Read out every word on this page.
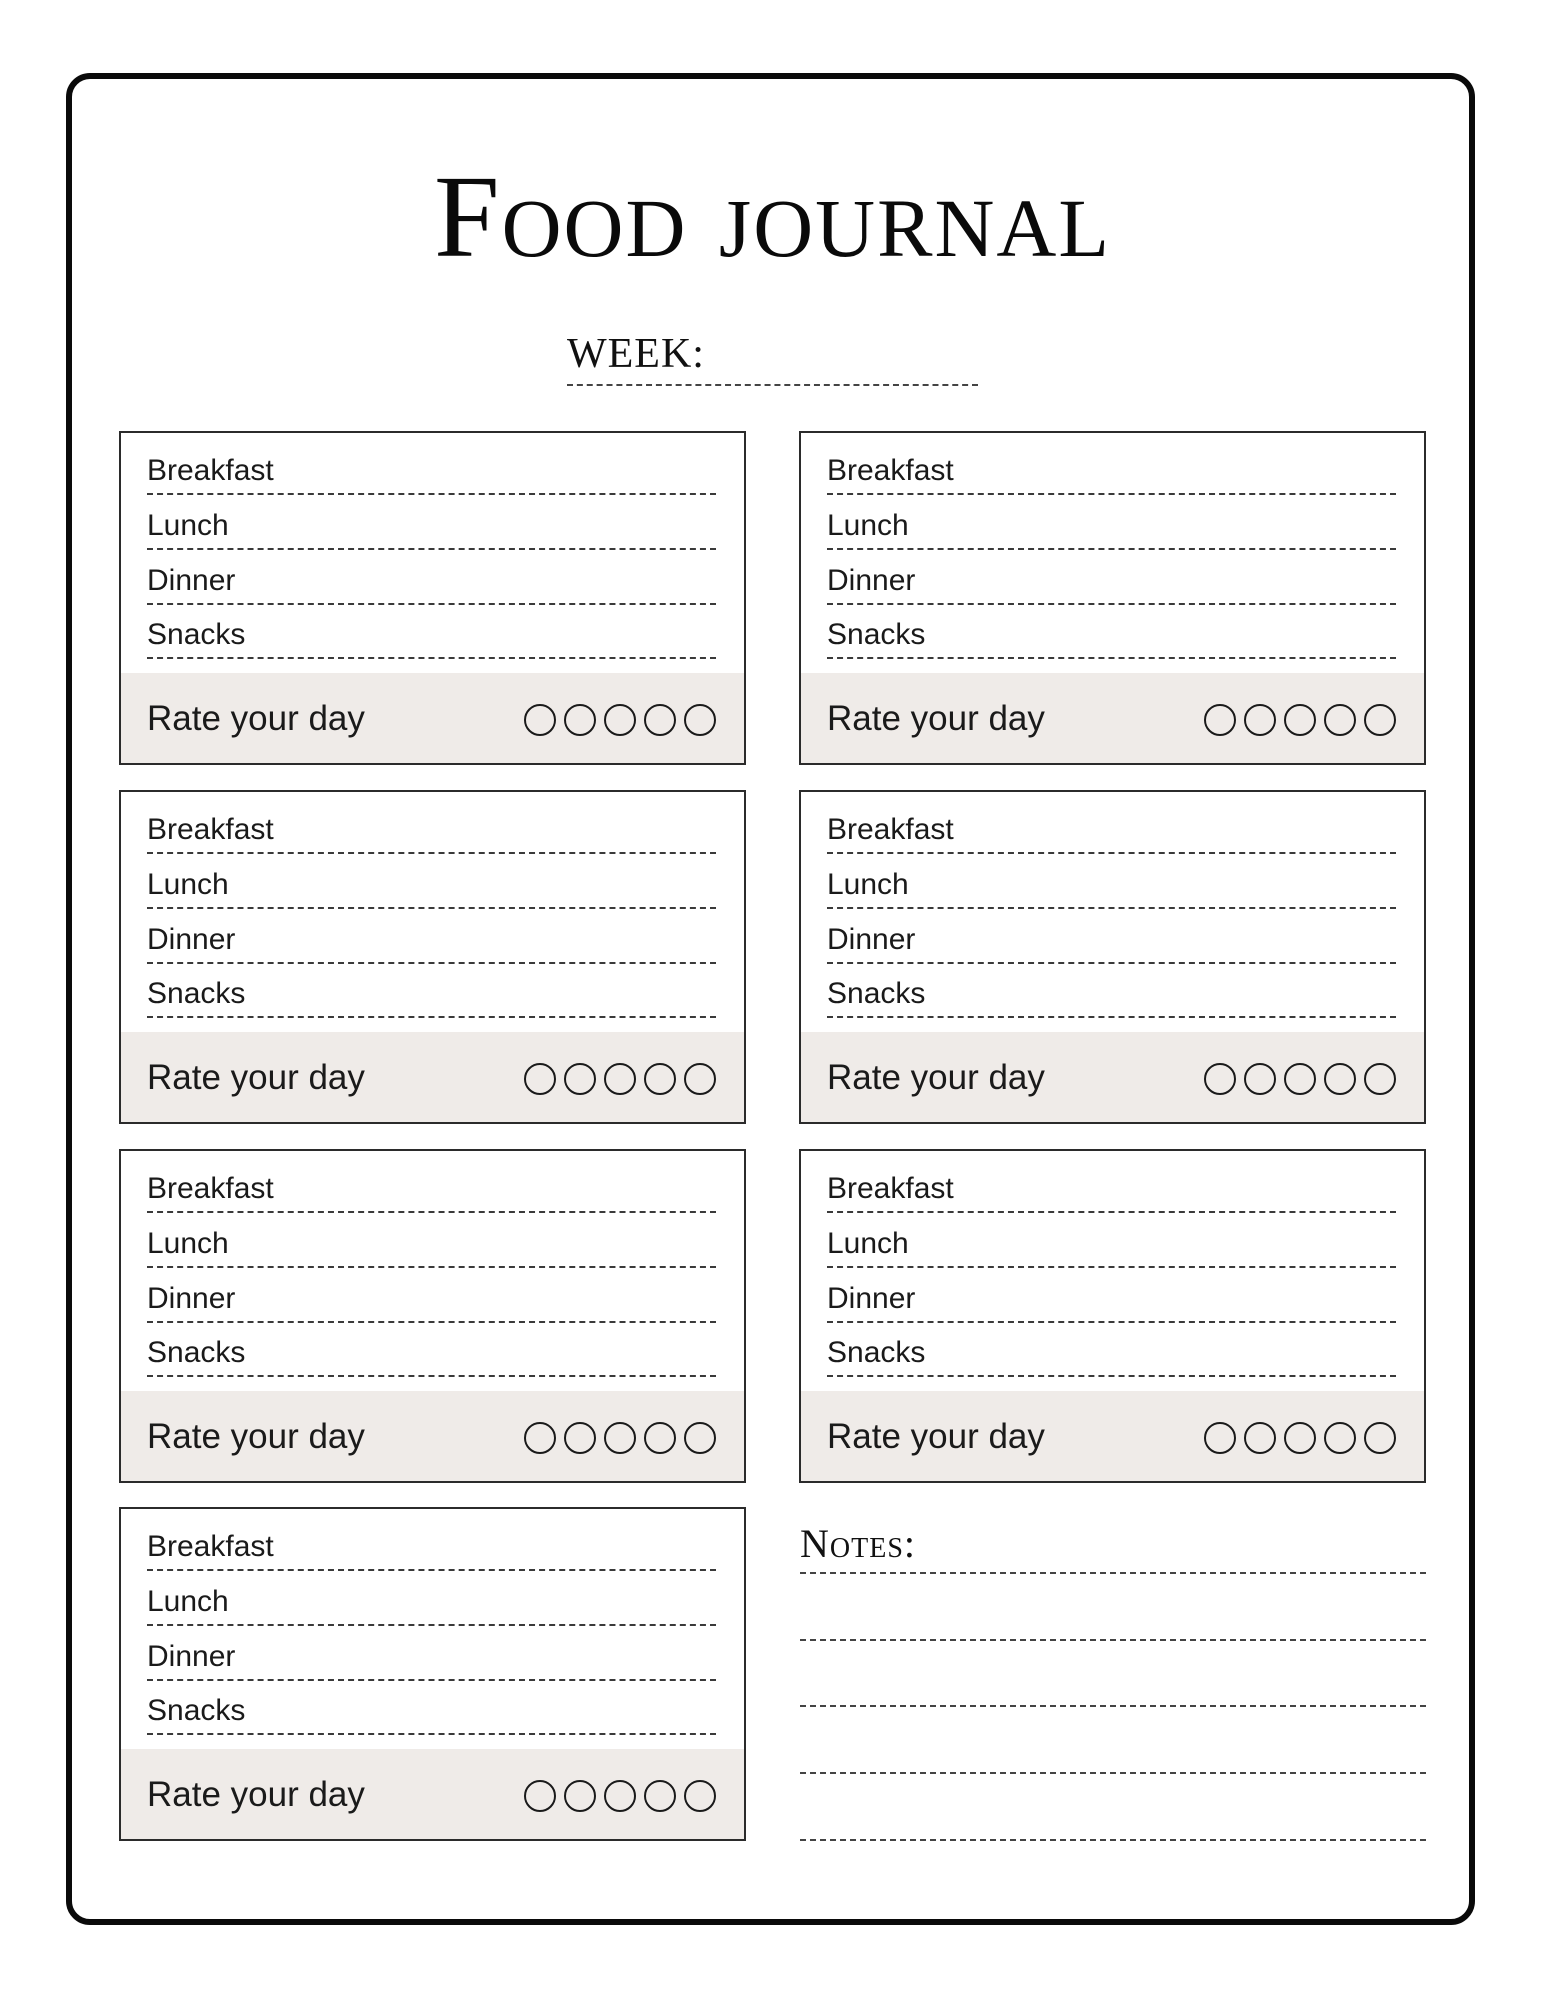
Food journal
WEEK:
Breakfast
Lunch
Dinner
Snacks
Rate your day
Breakfast
Lunch
Dinner
Snacks
Rate your day
Breakfast
Lunch
Dinner
Snacks
Rate your day
Breakfast
Lunch
Dinner
Snacks
Rate your day
Breakfast
Lunch
Dinner
Snacks
Rate your day
Breakfast
Lunch
Dinner
Snacks
Rate your day
Breakfast
Lunch
Dinner
Snacks
Rate your day
Notes:
